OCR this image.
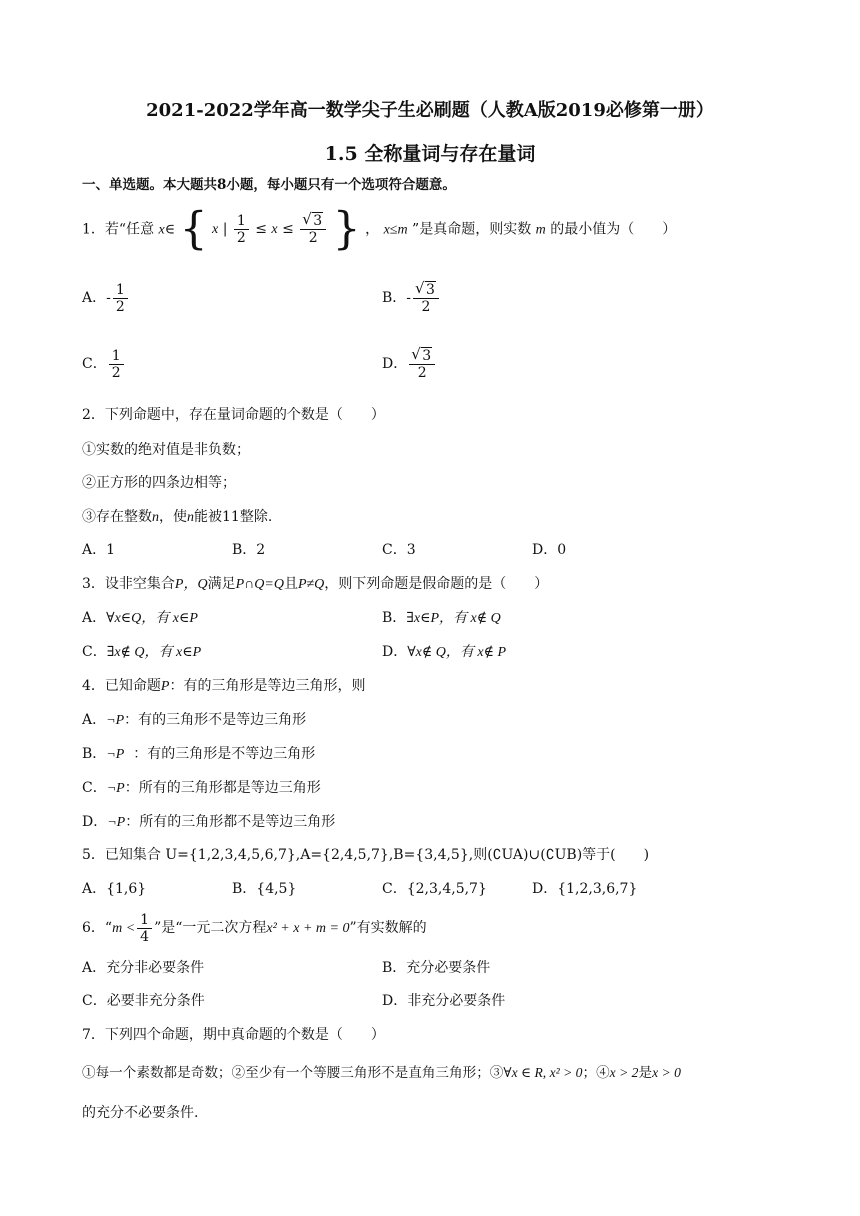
2021-2022学年高一数学尖子生必刷题（人教A版2019必修第一册）
1.5 全称量词与存在量词
一、单选题。本大题共8小题，每小题只有一个选项符合题意。
1．若“任意 x∈ { x | $\frac{1}{2} \le x$ ≤ √ $\frac{3}{2}$ } ， x≤m ”是真命题，则实数 m 的最小值为（　　）
A．- $\frac{1}{2}$	B．- √ $\frac{3}{2}$
C． $\frac{1}{2}$	D． √ $\frac{3}{2}$
2．下列命题中，存在量词命题的个数是（　　）
①实数的绝对值是非负数；
②正方形的四条边相等；
③存在整数n，使n能被11整除.
A．1	B．2	C．3	D．0
3．设非空集合P，Q满足P∩Q=Q且P≠Q，则下列命题是假命题的是（　　）
A．∀x∈Q，有 x∈P	B．∃x∈P，有 x∉ Q
C．∃x∉ Q，有 x∈P	D．∀x∉ Q，有 x∉ P
4．已知命题P：有的三角形是等边三角形，则
A．¬P：有的三角形不是等边三角形
B．¬P  ：有的三角形是不等边三角形
C．¬P：所有的三角形都是等边三角形
D．¬P：所有的三角形都不是等边三角形
5．已知集合 U={1,2,3,4,5,6,7},A={2,4,5,7},B={3,4,5},则(∁UA)∪(∁UB)等于(　　)
A．{1,6}	B．{4,5}	C．{2,3,4,5,7}	D．{1,2,3,6,7}
6．“$m < \frac{1}{4}$ ”是“一元二次方程x² + x + m = 0”有实数解的
A．充分非必要条件	B．充分必要条件
C．必要非充分条件	D．非充分必要条件
7．下列四个命题，期中真命题的个数是（　　）
①每一个素数都是奇数；②至少有一个等腰三角形不是直角三角形；③∀x ∈ R, x² > 0；④x > 2是x > 0
的充分不必要条件.
